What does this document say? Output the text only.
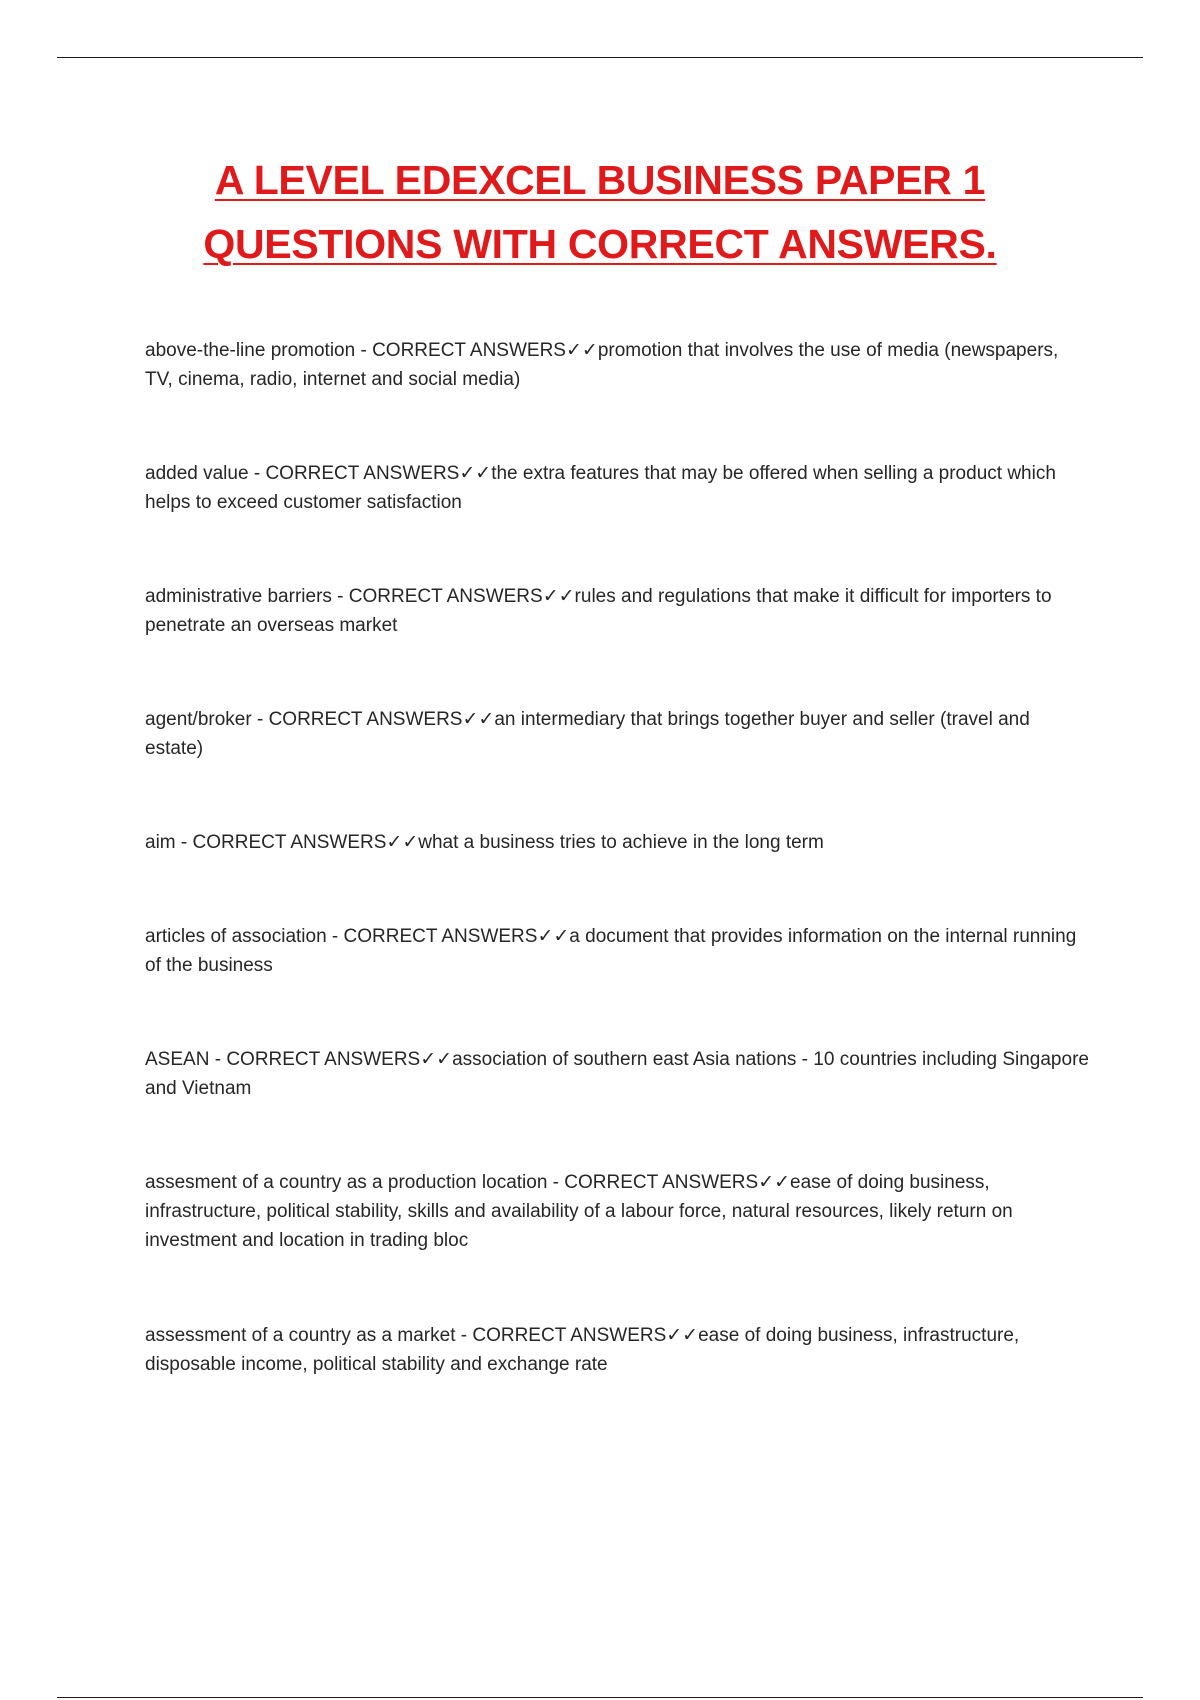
A LEVEL EDEXCEL BUSINESS PAPER 1
QUESTIONS WITH CORRECT ANSWERS.

above-the-line promotion - CORRECT ANSWERS✓✓promotion that involves the use of media (newspapers, TV, cinema, radio, internet and social media)

added value - CORRECT ANSWERS✓✓the extra features that may be offered when selling a product which helps to exceed customer satisfaction

administrative barriers - CORRECT ANSWERS✓✓rules and regulations that make it difficult for importers to penetrate an overseas market

agent/broker - CORRECT ANSWERS✓✓an intermediary that brings together buyer and seller (travel and estate)

aim - CORRECT ANSWERS✓✓what a business tries to achieve in the long term

articles of association - CORRECT ANSWERS✓✓a document that provides information on the internal running of the business

ASEAN - CORRECT ANSWERS✓✓association of southern east Asia nations - 10 countries including Singapore and Vietnam

assesment of a country as a production location - CORRECT ANSWERS✓✓ease of doing business, infrastructure, political stability, skills and availability of a labour force, natural resources, likely return on investment and location in trading bloc

assessment of a country as a market - CORRECT ANSWERS✓✓ease of doing business, infrastructure, disposable income, political stability and exchange rate
